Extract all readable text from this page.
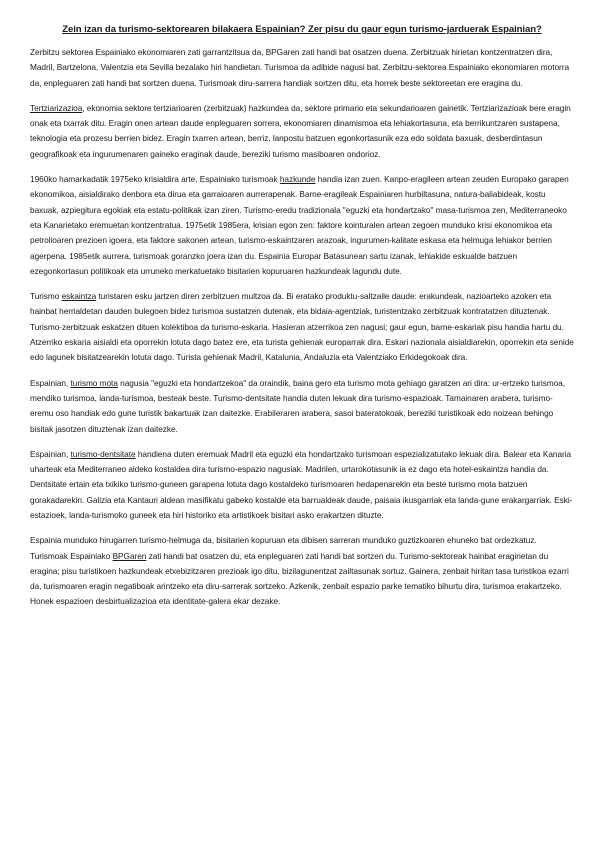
Zein izan da turismo-sektorearen bilakaera Espainian? Zer pisu du gaur egun turismo-jarduerak Espainian?

Zerbitzu sektorea Espainiako ekonomiaren zati garrantzitsua da, BPGaren zati handi bat osatzen duena. Zerbitzuak hirietan kontzentratzen dira, Madril, Bartzelona, Valentzia eta Sevilla bezalako hiri handietan. Turismoa da adibide nagusi bat. Zerbitzu-sektorea Espainiako ekonomiaren motorra da, enpleguaren zati handi bat sortzen duena. Turismoak diru-sarrera handiak sortzen ditu, eta horrek beste sektoreetan ere eragina du.

Tertziarizazioa, ekonomia sektore tertziarioaren (zerbitzuak) hazkundea da, sektore primario eta sekundarioaren gainetik. Tertziarizazioak bere eragin onak eta txarrak ditu. Eragin onen artean daude enpleguaren sorrera, ekonomiaren dinamismoa eta lehiakortasuna, eta berrikuntzaren sustapena, teknologia eta prozesu berrien bidez. Eragin txarren artean, berriz, lanpostu batzuen egonkortasunik eza edo soldata baxuak, desberdintasun geografikoak eta ingurumenaren gaineko eraginak daude, bereziki turismo masiboaren ondorioz.

1960ko hamarkadatik 1975eko krisialdira arte, Espainiako turismoak hazkunde handia izan zuen. Kanpo-eragileen artean zeuden Europako garapen ekonomikoa, aisialdirako denbora eta dirua eta garraioaren aurrerapenak. Barne-eragileak Espainiaren hurbiltasuna, natura-baliabideak, kostu baxuak, azpiegitura egokiak eta estatu-politikak izan ziren. Turismo-eredu tradizionala "eguzki eta hondartzako" masa-turismoa zen, Mediterraneoko eta Kanarietako eremuetan kontzentratua. 1975etik 1985era, krisian egon zen: faktore kointuralen artean zegoen munduko krisi ekonomikoa eta petrolioaren prezioen igoera, eta faktore sakonen artean, turismo-eskaintzaren arazoak, ingurumen-kalitate eskasa eta helmuga lehiakor berrien agerpena. 1985etik aurrera, turismoak goranzko joera izan du. Espainia Europar Batasunean sartu izanak, lehiakide eskualde batzuen ezegonkortasun politikoak eta urruneko merkatuetako bisitarien kopuruaren hazkundeak lagundu dute.

Turismo eskaintza turistaren esku jartzen diren zerbitzuen multzoa da. Bi eratako produktu-saltzaile daude: erakundeak, nazioarteko azoken eta hainbat herrialdetan dauden bulegoen bidez turismoa sustatzen dutenak, eta bidaia-agentziak, turistentzako zerbitzuak kontratatzen dituztenak. Turismo-zerbitzuak eskatzen dituen kolektiboa da turismo-eskaria. Hasieran atzerrikoa zen nagusi; gaur egun, barne-eskariak pisu handia hartu du. Atzerriko eskaria aisialdi eta oporrekin lotuta dago batez ere, eta turista gehienak europarrak dira. Eskari nazionala aisialdiarekin, oporrekin eta senide edo lagunek bisitatzearekin lotuta dago. Turista gehienak Madril, Katalunia, Andaluzia eta Valentziako Erkidegokoak dira.

Espainian, turismo mota nagusia "eguzki eta hondartzekoa" da oraindik, baina gero eta turismo mota gehiago garatzen ari dira: ur-ertzeko turismoa, mendiko turismoa, landa-turismoa, besteak beste. Turismo-dentsitate handia duten lekuak dira turismo-espazioak. Tamainaren arabera, turismo-eremu oso handiak edo gune turistik bakartuak izan daitezke. Erabileraren arabera, sasoi bateratokoak, bereziki turistikoak edo noizean behingo bisitak jasotzen dituztenak izan daitezke.

Espainian, turismo-dentsitate handiena duten eremuak Madril eta eguzki eta hondartzako turismoan espezializatutako lekuak dira. Balear eta Kanaria uharteak eta Mediterraneo aldeko kostaldea dira turismo-espazio nagusiak. Madrilen, urtarokotasunik ia ez dago eta hotel-eskaintza handia da. Dentsitate ertain eta txikiko turismo-guneen garapena lotuta dago kostaldeko turismoaren hedapenarekin eta beste turismo mota batzuen gorakadarekin. Galizia eta Kantauri aldean masifikatu gabeko kostalde eta barrualdeak daude, paisaia ikusgarriak eta landa-gune erakargarriak. Eski-estazioek, landa-turismoko guneek eta hiri historiko eta artistikoek bisitari asko erakartzen dituzte.

Espainia munduko hirugarren turismo-helmuga da, bisitarien kopuruan eta dibisen sarreran munduko guztizkoaren ehuneko bat ordezkatuz. Turismoak Espainiako BPGaren zati handi bat osatzen du, eta enpleguaren zati handi bat sortzen du. Turismo-sektoreak hainbat eraginetan du eragina; pisu turistikoen hazkundeak etxebizitzaren prezioak igo ditu, bizilagunentzat zailtasunak sortuz. Gainera, zenbait hiritan tasa turistikoa ezarri da, turismoaren eragin negatiboak arintzeko eta diru-sarrerak sortzeko. Azkenik, zenbait espazio parke tematiko bihurtu dira, turismoa erakartzeko. Honek espazioen desbirtualizazioa eta identitate-galera ekar dezake.
